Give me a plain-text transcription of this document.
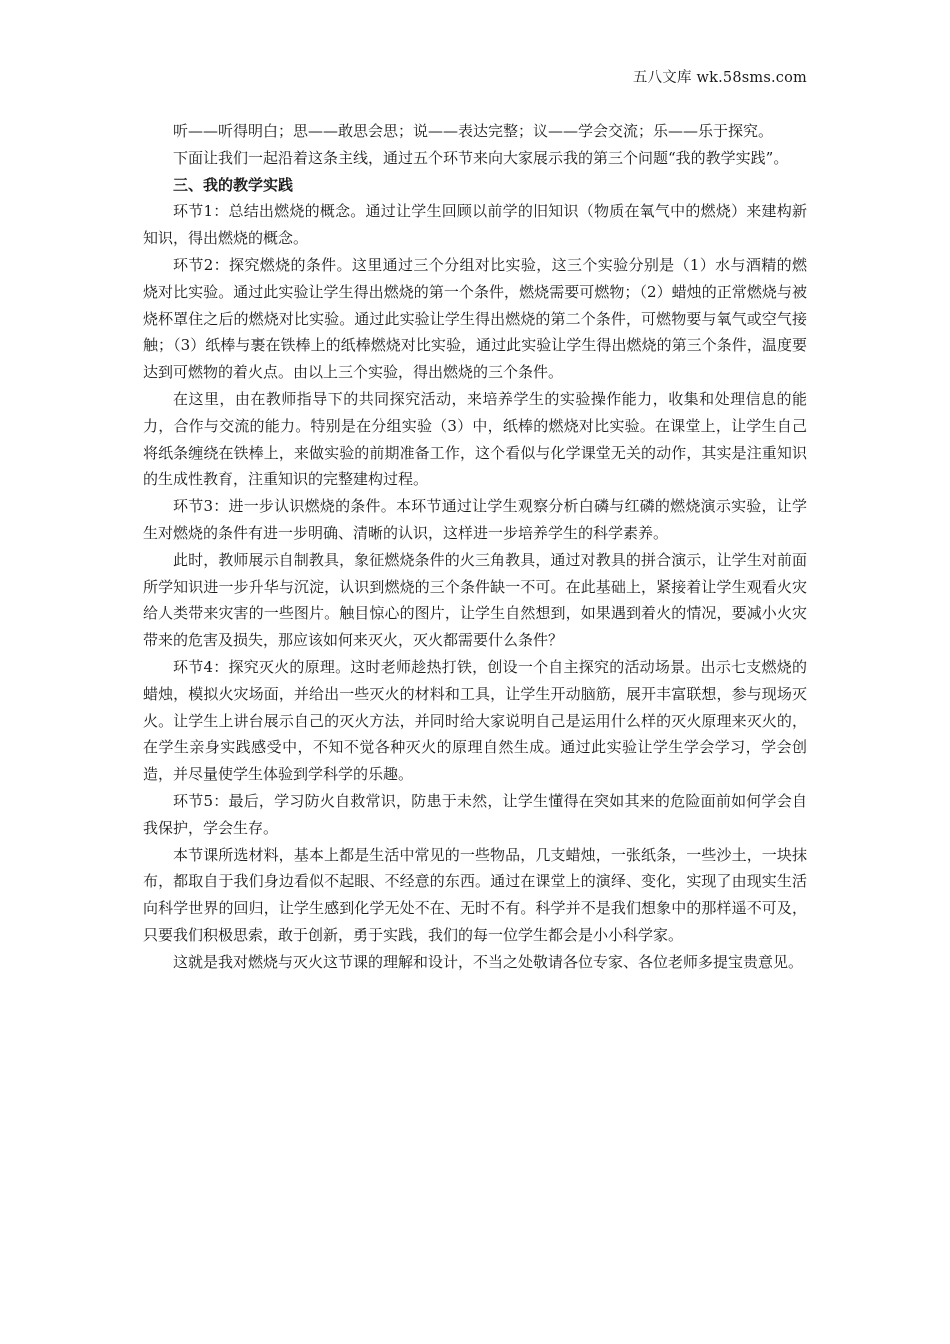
五八文库 wk.58sms.com

听——听得明白；思——敢思会思；说——表达完整；议——学会交流；乐——乐于探究。

下面让我们一起沿着这条主线，通过五个环节来向大家展示我的第三个问题“我的教学实践”。

三、我的教学实践

环节1：总结出燃烧的概念。通过让学生回顾以前学的旧知识（物质在氧气中的燃烧）来建构新知识，得出燃烧的概念。

环节2：探究燃烧的条件。这里通过三个分组对比实验，这三个实验分别是（1）水与酒精的燃烧对比实验。通过此实验让学生得出燃烧的第一个条件，燃烧需要可燃物；（2）蜡烛的正常燃烧与被烧杯罩住之后的燃烧对比实验。通过此实验让学生得出燃烧的第二个条件，可燃物要与氧气或空气接触；（3）纸棒与裹在铁棒上的纸棒燃烧对比实验，通过此实验让学生得出燃烧的第三个条件，温度要达到可燃物的着火点。由以上三个实验，得出燃烧的三个条件。

在这里，由在教师指导下的共同探究活动，来培养学生的实验操作能力，收集和处理信息的能力，合作与交流的能力。特别是在分组实验（3）中，纸棒的燃烧对比实验。在课堂上，让学生自己将纸条缠绕在铁棒上，来做实验的前期准备工作，这个看似与化学课堂无关的动作，其实是注重知识的生成性教育，注重知识的完整建构过程。

环节3：进一步认识燃烧的条件。本环节通过让学生观察分析白磷与红磷的燃烧演示实验，让学生对燃烧的条件有进一步明确、清晰的认识，这样进一步培养学生的科学素养。

此时，教师展示自制教具，象征燃烧条件的火三角教具，通过对教具的拼合演示，让学生对前面所学知识进一步升华与沉淀，认识到燃烧的三个条件缺一不可。在此基础上，紧接着让学生观看火灾给人类带来灾害的一些图片。触目惊心的图片，让学生自然想到，如果遇到着火的情况，要减小火灾带来的危害及损失，那应该如何来灭火，灭火都需要什么条件？

环节4：探究灭火的原理。这时老师趁热打铁，创设一个自主探究的活动场景。出示七支燃烧的蜡烛，模拟火灾场面，并给出一些灭火的材料和工具，让学生开动脑筋，展开丰富联想，参与现场灭火。让学生上讲台展示自己的灭火方法，并同时给大家说明自己是运用什么样的灭火原理来灭火的，在学生亲身实践感受中，不知不觉各种灭火的原理自然生成。通过此实验让学生学会学习，学会创造，并尽量使学生体验到学科学的乐趣。

环节5：最后，学习防火自救常识，防患于未然，让学生懂得在突如其来的危险面前如何学会自我保护，学会生存。

本节课所选材料，基本上都是生活中常见的一些物品，几支蜡烛，一张纸条，一些沙土，一块抹布，都取自于我们身边看似不起眼、不经意的东西。通过在课堂上的演绎、变化，实现了由现实生活向科学世界的回归，让学生感到化学无处不在、无时不有。科学并不是我们想象中的那样遥不可及，只要我们积极思索，敢于创新，勇于实践，我们的每一位学生都会是小小科学家。

这就是我对燃烧与灭火这节课的理解和设计，不当之处敬请各位专家、各位老师多提宝贵意见。
